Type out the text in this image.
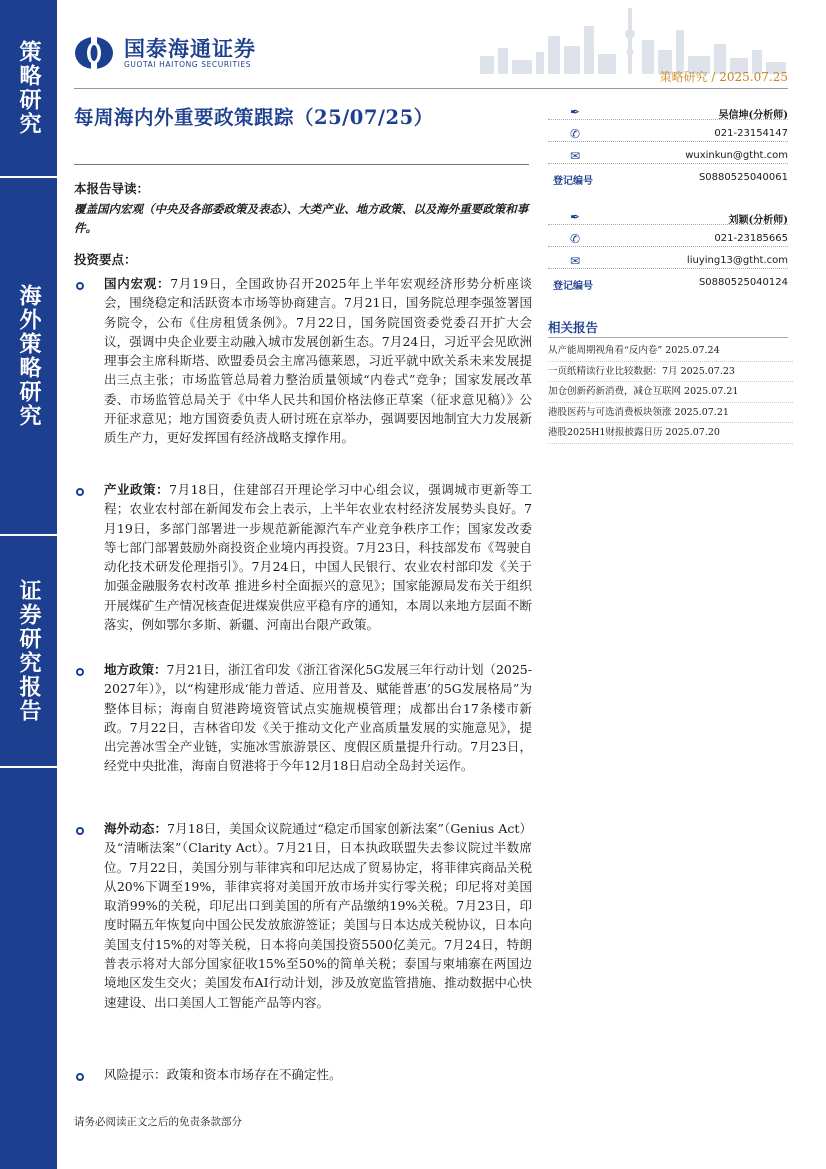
策略研究
海外策略研究
证券研究报告
国泰海通证券
GUOTAI HAITONG SECURITIES
策略研究 / 2025.07.25
每周海内外重要政策跟踪（25/07/25）	✒	吴信坤(分析师)
✆	021-23154147
✉	wuxinkun@gtht.com
登记编号	S0880525040061
✒	刘颖(分析师)
✆	021-23185665
✉	liuying13@gtht.com
登记编号	S0880525040124
相关报告
从产能周期视角看“反内卷” 2025.07.24
一页纸精读行业比较数据：7月 2025.07.23
加仓创新药新消费，减仓互联网 2025.07.21
港股医药与可选消费板块领涨 2025.07.21
港股2025H1财报披露日历 2025.07.20
本报告导读：
覆盖国内宏观（中央及各部委政策及表态）、大类产业、地方政策、以及海外重要政策和事件。
投资要点：
国内宏观：7月19日，全国政协召开2025年上半年宏观经济形势分析座谈会，围绕稳定和活跃资本市场等协商建言。7月21日，国务院总理李强签署国务院令，公布《住房租赁条例》。7月22日，国务院国资委党委召开扩大会议，强调中央企业要主动融入城市发展创新生态。7月24日，习近平会见欧洲理事会主席科斯塔、欧盟委员会主席冯德莱恩，习近平就中欧关系未来发展提出三点主张；市场监管总局着力整治质量领域“内卷式”竞争；国家发展改革委、市场监管总局关于《中华人民共和国价格法修正草案（征求意见稿）》公开征求意见；地方国资委负责人研讨班在京举办，强调要因地制宜大力发展新质生产力，更好发挥国有经济战略支撑作用。
产业政策：7月18日，住建部召开理论学习中心组会议，强调城市更新等工程；农业农村部在新闻发布会上表示，上半年农业农村经济发展势头良好。7月19日，多部门部署进一步规范新能源汽车产业竞争秩序工作；国家发改委等七部门部署鼓励外商投资企业境内再投资。7月23日，科技部发布《驾驶自动化技术研发伦理指引》。7月24日，中国人民银行、农业农村部印发《关于加强金融服务农村改革 推进乡村全面振兴的意见》；国家能源局发布关于组织开展煤矿生产情况核查促进煤炭供应平稳有序的通知，本周以来地方层面不断落实，例如鄂尔多斯、新疆、河南出台限产政策。
地方政策：7月21日，浙江省印发《浙江省深化5G发展三年行动计划（2025-2027年）》，以“构建形成‘能力普适、应用普及、赋能普惠’的5G发展格局”为整体目标；海南自贸港跨境资管试点实施规模管理；成都出台17条楼市新政。7月22日，吉林省印发《关于推动文化产业高质量发展的实施意见》，提出完善冰雪全产业链，实施冰雪旅游景区、度假区质量提升行动。7月23日，经党中央批准，海南自贸港将于今年12月18日启动全岛封关运作。
海外动态：7月18日，美国众议院通过“稳定币国家创新法案”（Genius Act）及“清晰法案”（Clarity Act）。7月21日，日本执政联盟失去参议院过半数席位。7月22日，美国分别与菲律宾和印尼达成了贸易协定，将菲律宾商品关税从20%下调至19%，菲律宾将对美国开放市场并实行零关税；印尼将对美国取消99%的关税，印尼出口到美国的所有产品缴纳19%关税。7月23日，印度时隔五年恢复向中国公民发放旅游签证；美国与日本达成关税协议，日本向美国支付15%的对等关税，日本将向美国投资5500亿美元。7月24日，特朗普表示将对大部分国家征收15%至50%的简单关税；泰国与柬埔寨在两国边境地区发生交火；美国发布AI行动计划，涉及放宽监管措施、推动数据中心快速建设、出口美国人工智能产品等内容。
风险提示：政策和资本市场存在不确定性。
请务必阅读正文之后的免责条款部分
